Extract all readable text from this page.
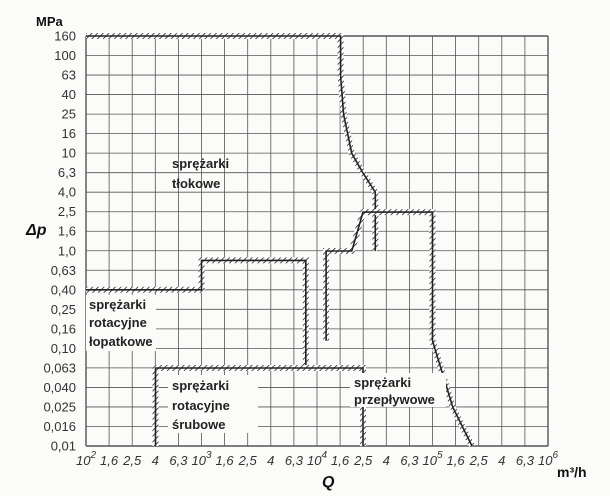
160
100
63
40
25
16
10
6,3
4,0
2,5
1,6
1,0
0,63
0,40
0,25
0,16
0,10
0,063
0,040
0,025
0,016
0,01
$10^2$ 1,6 2,5 4 6,3 $10^3$ 1,6 2,5 4 6,3 $10^4$ 1,6 2,5 4 6,3 $10^5$ 1,6 2,5 4 6,3 $10^6$
MPa
Δp
Q
m³/h
sprężarki
tłokowe
sprężarki
rotacyjne
łopatkowe
sprężarki
rotacyjne
śrubowe
sprężarki
przepływowe
